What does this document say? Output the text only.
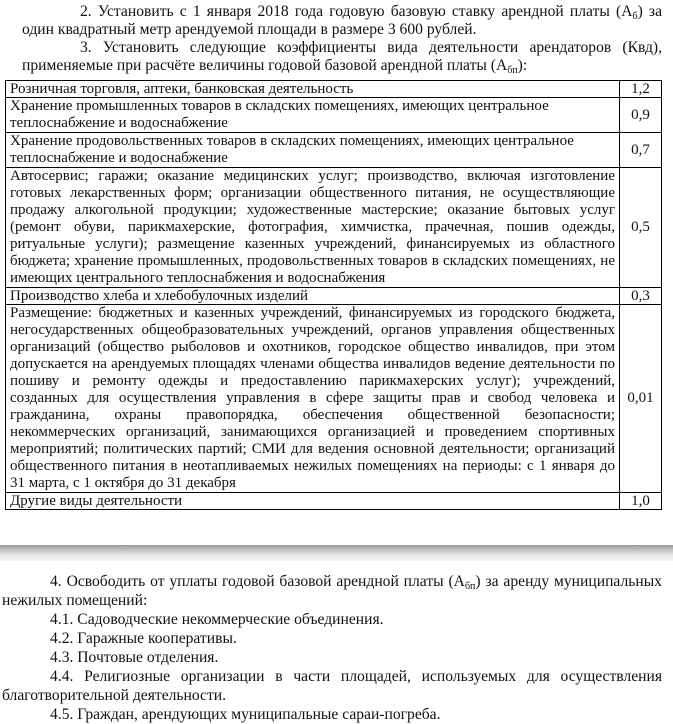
2. Установить с 1 января 2018 года годовую базовую ставку арендной платы $(А_б)$ за один квадратный метр арендуемой площади в размере 3 600 рублей.

3. Установить следующие коэффициенты вида деятельности арендаторов (Квд), применяемые при расчёте величины годовой базовой арендной платы $(А_{бп})$:

Розничная торговля, аптеки, банковская деятельность	1,2
Хранение промышленных товаров в складских помещениях, имеющих центральное теплоснабжение и водоснабжение	0,9
Хранение продовольственных товаров в складских помещениях, имеющих центральное теплоснабжение и водоснабжение	0,7
Автосервис; гаражи; оказание медицинских услуг; производство, включая изготовление готовых лекарственных форм; организации общественного питания, не осуществляющие продажу алкогольной продукции; художественные мастерские; оказание бытовых услуг (ремонт обуви, парикмахерские, фотография, химчистка, прачечная, пошив одежды, ритуальные услуги); размещение казенных учреждений, финансируемых из областного бюджета; хранение промышленных, продовольственных товаров в складских помещениях, не имеющих центрального теплоснабжения и водоснабжения	0,5
Производство хлеба и хлебобулочных изделий	0,3
Размещение: бюджетных и казенных учреждений, финансируемых из городского бюджета, негосударственных общеобразовательных учреждений, органов управления общественных организаций (общество рыболовов и охотников, городское общество инвалидов, при этом допускается на арендуемых площадях членами общества инвалидов ведение деятельности по пошиву и ремонту одежды и предоставлению парикмахерских услуг); учреждений, созданных для осуществления управления в сфере защиты прав и свобод человека и гражданина, охраны правопорядка, обеспечения общественной безопасности; некоммерческих организаций, занимающихся организацией и проведением спортивных мероприятий; политических партий; СМИ для ведения основной деятельности; организаций общественного питания в неотапливаемых нежилых помещениях на периоды: с 1 января до 31 марта, с 1 октября до 31 декабря	0,01
Другие виды деятельности	1,0

4. Освободить от уплаты годовой базовой арендной платы $(А_{бп})$ за аренду муниципальных нежилых помещений:

4.1. Садоводческие некоммерческие объединения.

4.2. Гаражные кооперативы.

4.3. Почтовые отделения.

4.4. Религиозные организации в части площадей, используемых для осуществления благотворительной деятельности.

4.5. Граждан, арендующих муниципальные сараи-погреба.
